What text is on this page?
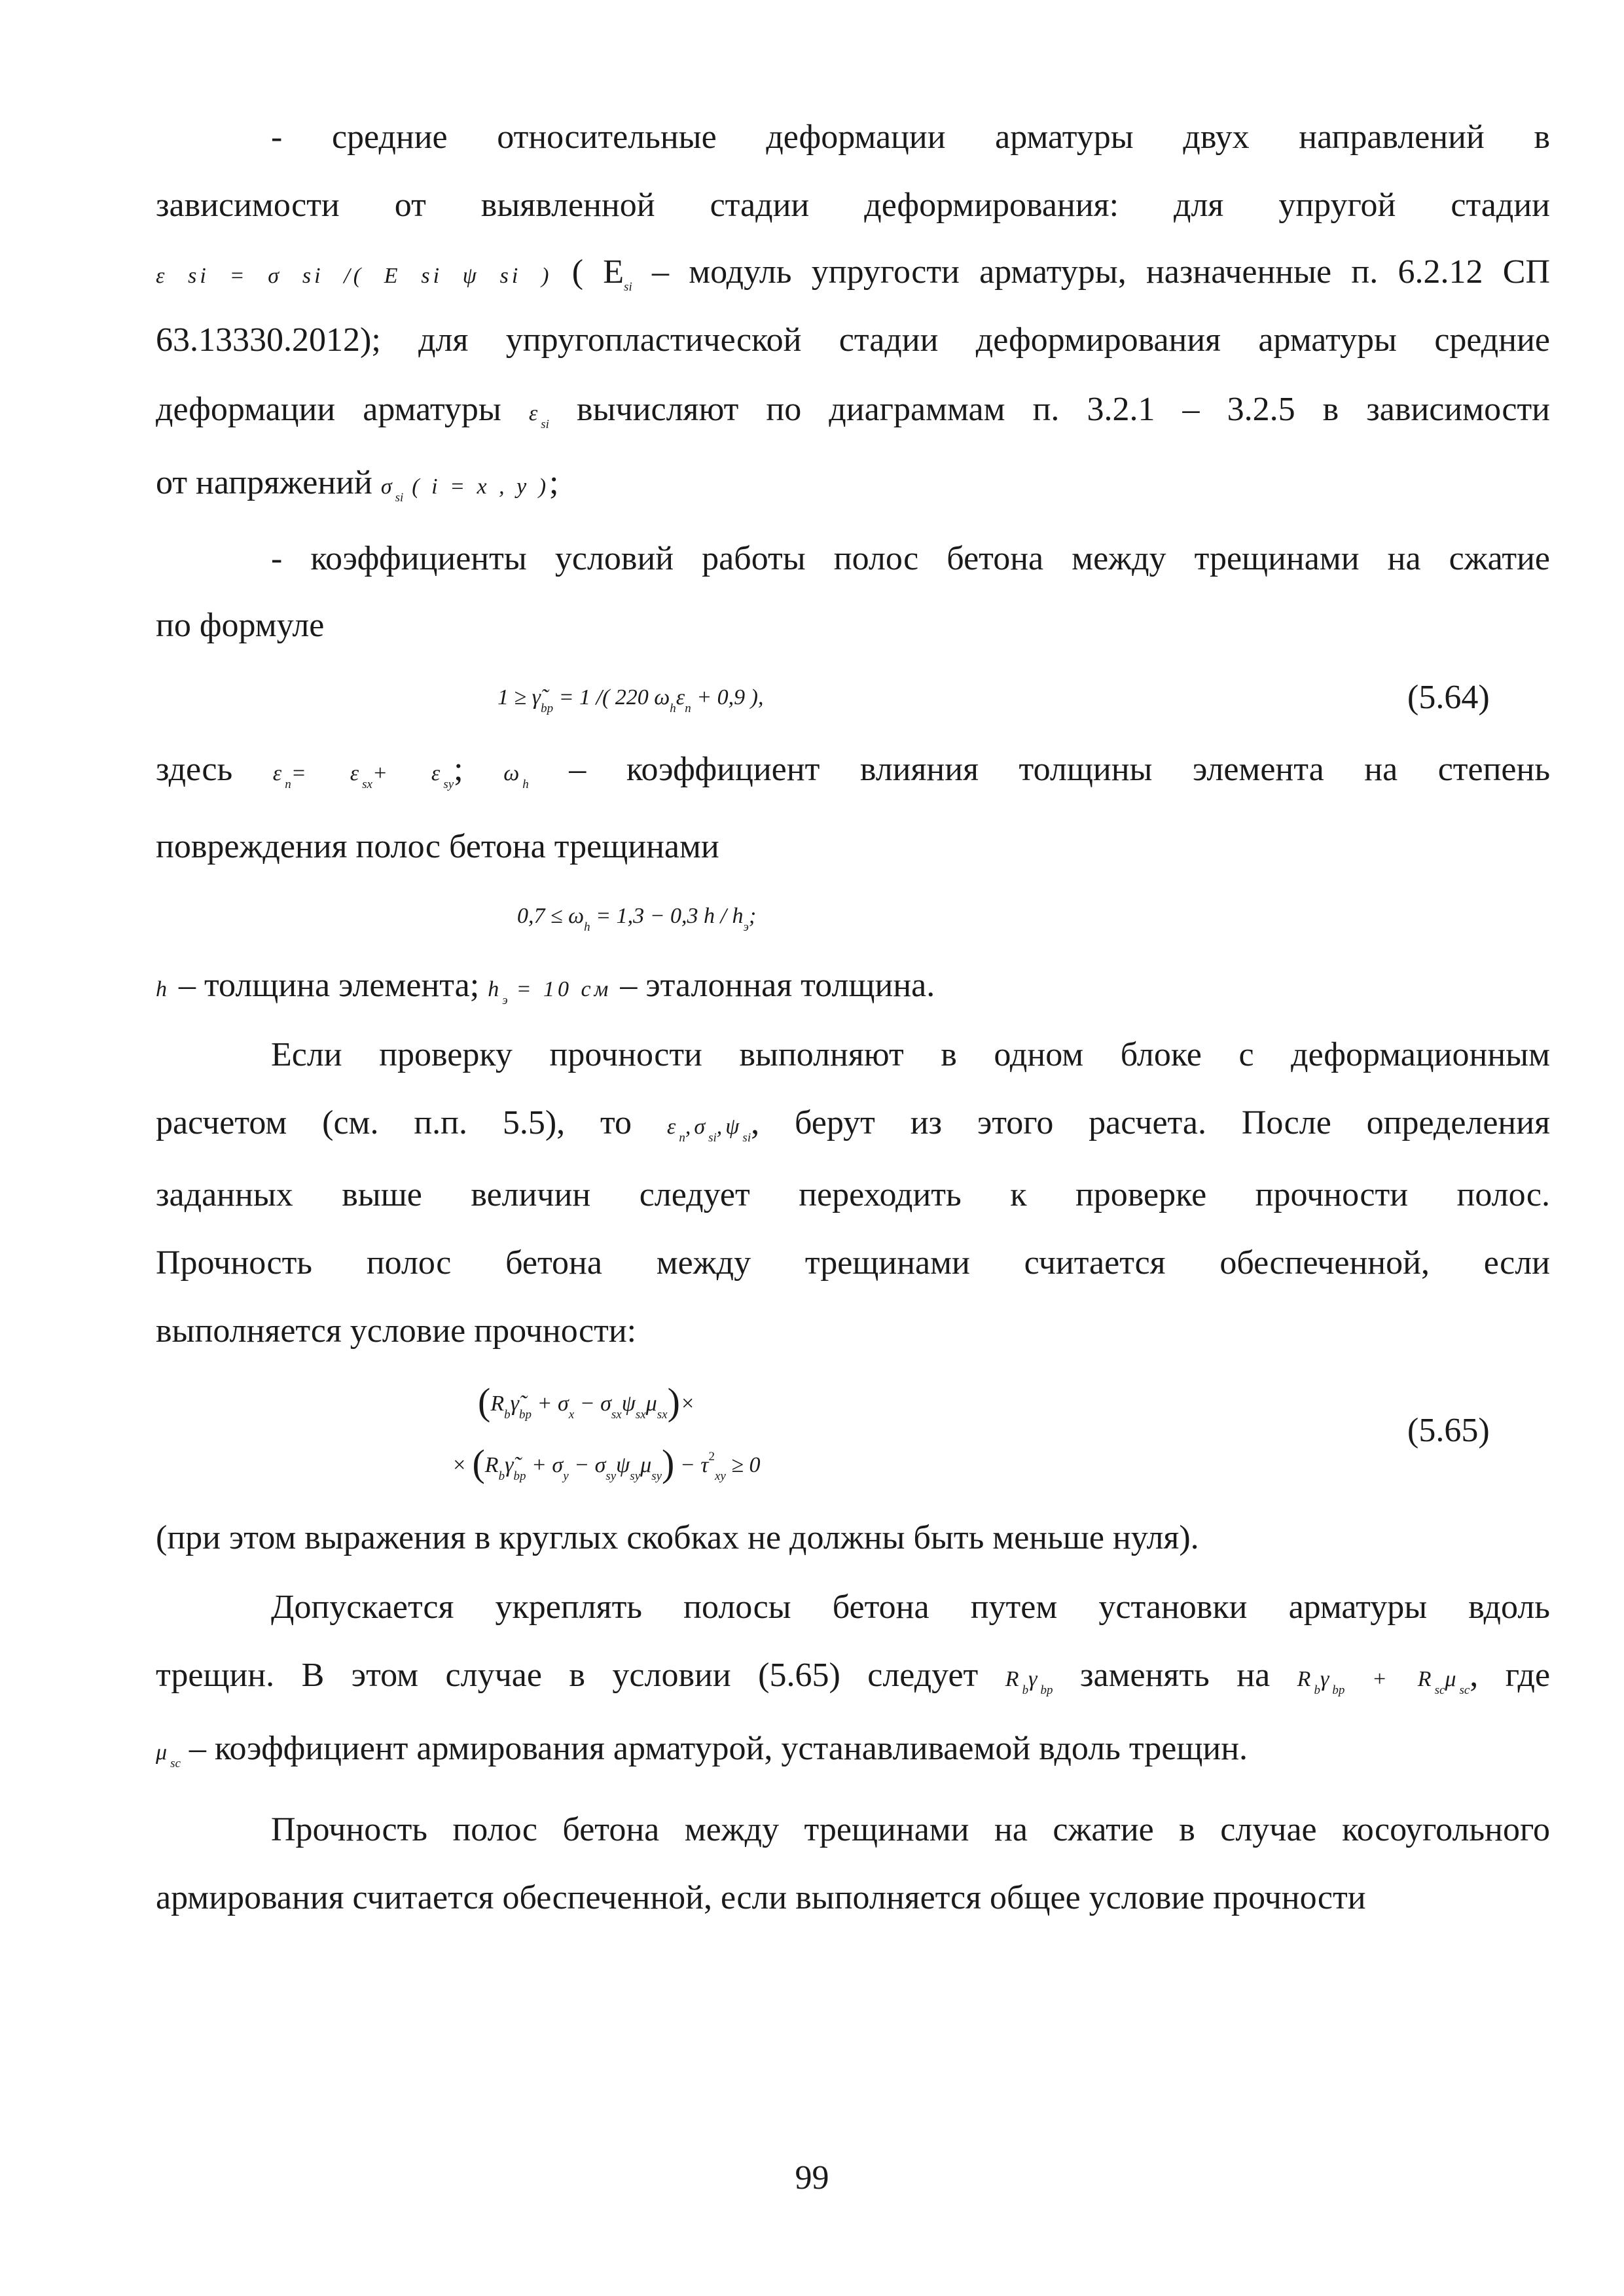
- средние относительные деформации арматуры двух направлений в
зависимости от выявленной стадии деформирования: для упругой стадии
ε si = σ si /( E si ψ si ) ( $E_{si}$ – модуль упругости арматуры, назначенные п. 6.2.12 СП
63.13330.2012); для упругопластической стадии деформирования арматуры средние
деформации арматуры $\varepsilon_{si}$ вычисляют по диаграммам п. 3.2.1 – 3.2.5 в зависимости
от напряжений $\sigma_{si}$ ( i = x , y );
- коэффициенты условий работы полос бетона между трещинами на сжатие
по формуле
$1 \ge \gammã_{bp} = 1$ /( 220 $\omega_h\varepsilon_n + 0,9$ ),	(5.64)
здесь $\varepsilon_n= \varepsilon_{sx}+ \varepsilon_{sy}$; $\omega_h$ – коэффициент влияния толщины элемента на степень
повреждения полос бетона трещинами
$0,7 \le \omega_h = 1,3 - 0,3$ h / $h_э$;
h – толщина элемента; $h_э = 10$ см – эталонная толщина.
Если проверку прочности выполняют в одном блоке с деформационным
расчетом (см. п.п. 5.5), то $\varepsilon_n,\sigma_{si},\psi_{si}$, берут из этого расчета. После определения
заданных выше величин следует переходить к проверке прочности полос.
Прочность полос бетона между трещинами считается обеспеченной, если
выполняется условие прочности:
$(R_b\gammã_{bp} + \sigma_x - \sigma_{sx}\psi_{sx}\mu_{sx})\times$
× $(R_b\gammã_{bp} + \sigma_y - \sigma_{sy}\psi_{sy}\mu_{sy}) - \tau^2_{xy} \ge 0$
(5.65)
(при этом выражения в круглых скобках не должны быть меньше нуля).
Допускается укреплять полосы бетона путем установки арматуры вдоль
трещин. В этом случае в условии (5.65) следует $R_b\gamma_{bp}$ заменять на $R_b\gamma_{bp} + R_{sc}\mu_{sc}$, где
$\mu_{sc}$ – коэффициент армирования арматурой, устанавливаемой вдоль трещин.
Прочность полос бетона между трещинами на сжатие в случае косоугольного
армирования считается обеспеченной, если выполняется общее условие прочности
99
